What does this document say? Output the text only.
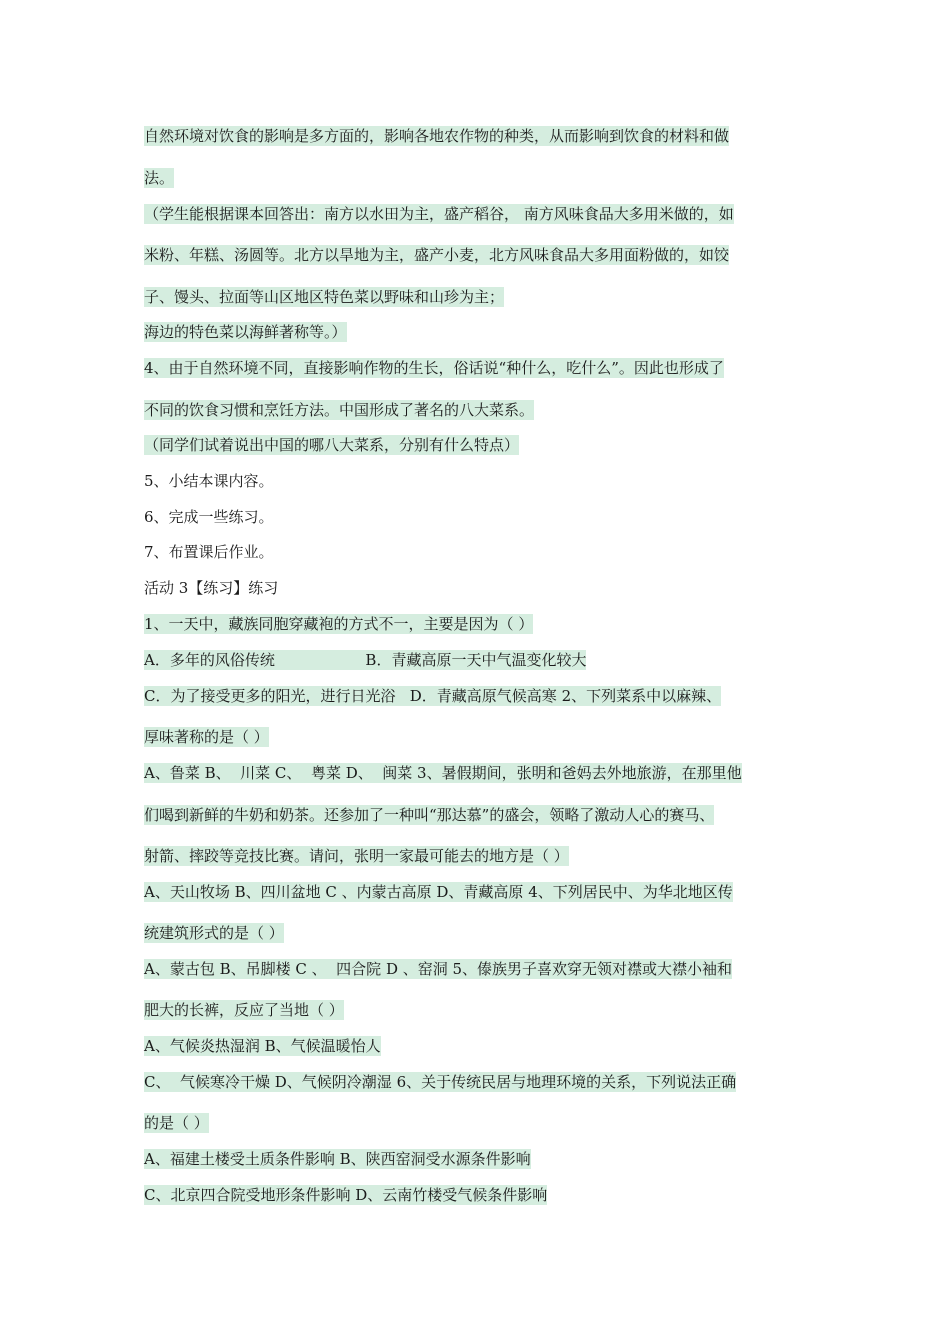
自然环境对饮食的影响是多方面的，影响各地农作物的种类，从而影响到饮食的材料和做

法。

（学生能根据课本回答出：南方以水田为主，盛产稻谷， 南方风味食品大多用米做的，如

米粉、年糕、汤圆等。北方以旱地为主，盛产小麦，北方风味食品大多用面粉做的，如饺

子、馒头、拉面等山区地区特色菜以野味和山珍为主；

海边的特色菜以海鲜著称等。）

4、由于自然环境不同，直接影响作物的生长，俗话说“种什么，吃什么”。因此也形成了

不同的饮食习惯和烹饪方法。中国形成了著名的八大菜系。

（同学们试着说出中国的哪八大菜系，分别有什么特点）

5、小结本课内容。

6、完成一些练习。

7、布置课后作业。

活动 3【练习】练习

1、一天中，藏族同胞穿藏袍的方式不一，主要是因为（ ）

A．多年的风俗传统                   B．青藏高原一天中气温变化较大

C．为了接受更多的阳光，进行日光浴   D．青藏高原气候高寒 2、下列菜系中以麻辣、

厚味著称的是（ ）

A、鲁菜 B、  川菜 C、  粤菜 D、  闽菜 3、暑假期间，张明和爸妈去外地旅游，在那里他

们喝到新鲜的牛奶和奶茶。还参加了一种叫“那达慕”的盛会，领略了激动人心的赛马、

射箭、摔跤等竞技比赛。请问，张明一家最可能去的地方是（ ）

A、天山牧场 B、四川盆地 C 、内蒙古高原 D、青藏高原 4、下列居民中、为华北地区传

统建筑形式的是（ ）

A、蒙古包 B、吊脚楼 C 、  四合院 D 、窑洞 5、傣族男子喜欢穿无领对襟或大襟小袖和

肥大的长裤，反应了当地（ ）

A、气候炎热湿润 B、气候温暖怡人

C、  气候寒冷干燥 D、气候阴冷潮湿 6、关于传统民居与地理环境的关系，下列说法正确

的是（ ）

A、福建土楼受土质条件影响 B、陕西窑洞受水源条件影响

C、北京四合院受地形条件影响 D、云南竹楼受气候条件影响
